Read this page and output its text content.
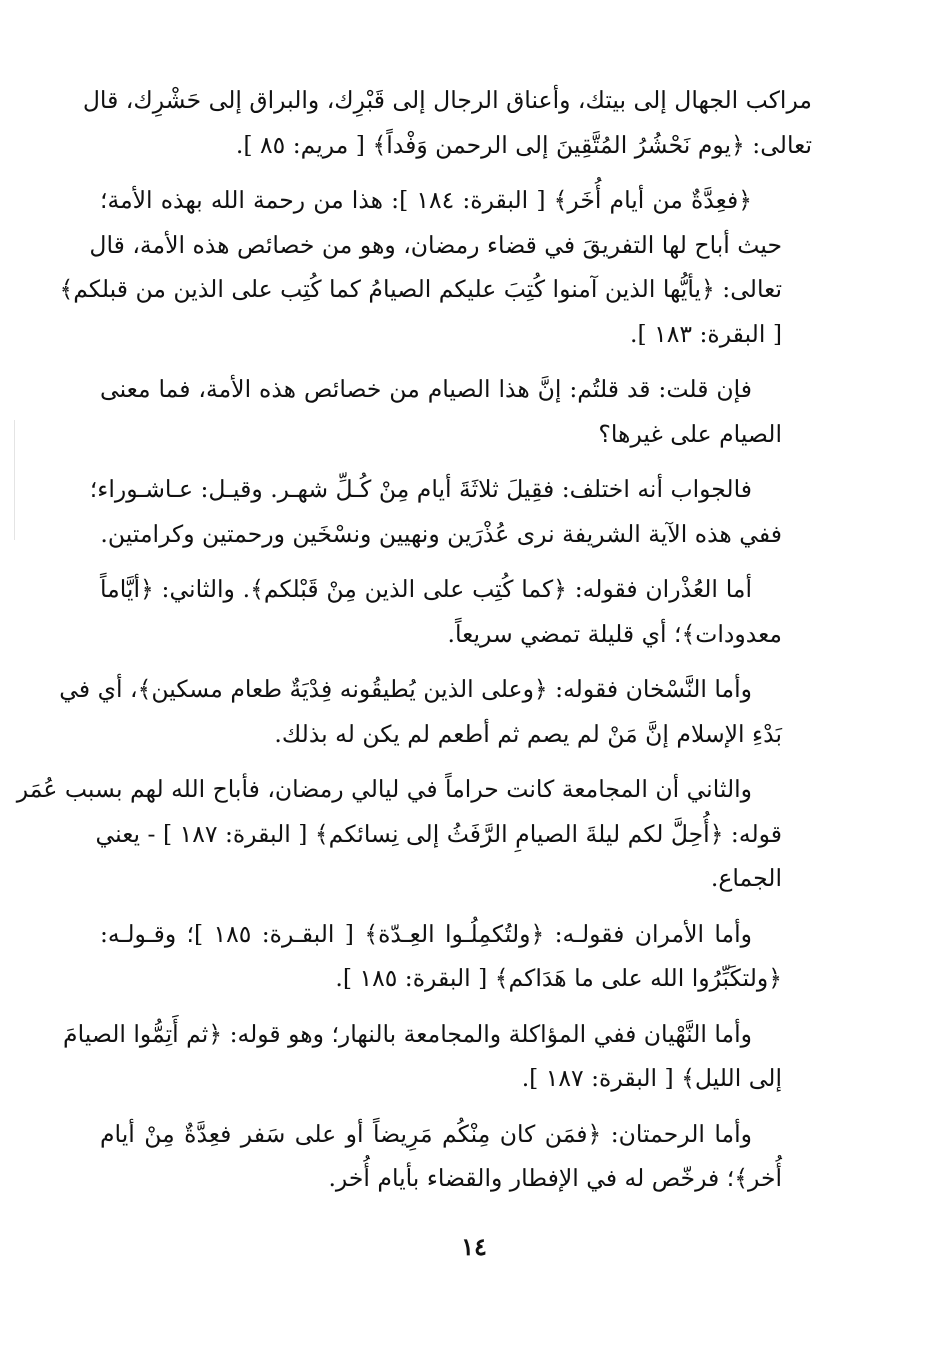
مراكب الجهال إلى بيتك، وأعناق الرجال إلى قَبْرِك، والبراق إلى حَشْرِك، قال
تعالى: ﴿يوم نَحْشُرُ المُتَّقِينَ إلى الرحمن وَفْداً﴾ [ مريم: ٨٥ ].
﴿فعِدَّةٌ من أيام أُخَر﴾ [ البقرة: ١٨٤ ]: هذا من رحمة الله بهذه الأمة؛
حيث أباح لها التفريقَ في قضاء رمضان، وهو من خصائص هذه الأمة، قال
تعالى: ﴿يأيُّها الذين آمنوا كُتِبَ عليكم الصيامُ كما كُتِب على الذين من قبلكم﴾
[ البقرة: ١٨٣ ].
فإن قلت: قد قلتُم: إنَّ هذا الصيام من خصائص هذه الأمة، فما معنى
الصيام على غيرها؟
فالجواب أنه اختلف: فقِيلَ ثلاثَةَ أيام مِنْ كُـلِّ شهـر. وقيـل: عـاشـوراء؛
ففي هذه الآية الشريفة نرى عُذْرَين ونهيين ونسْخَين ورحمتين وكرامتين.
أما العُذْران فقوله: ﴿كما كُتِب على الذين مِنْ قَبْلكم﴾. والثاني: ﴿أيَّاماً
معدودات﴾؛ أي قليلة تمضي سريعاً.
وأما النَّسْخان فقوله: ﴿وعلى الذين يُطيقُونه فِدْيَةٌ طعام مسكين﴾، أي في
بَدْءِ الإسلام إنَّ مَنْ لم يصم ثم أطعم لم يكن له بذلك.
والثاني أن المجامعة كانت حراماً في ليالي رمضان، فأباح الله لهم بسبب عُمَر
قوله: ﴿أُحِلَّ لكم ليلةَ الصيامِ الرَّفَثُ إلى نِسائكم﴾ [ البقرة: ١٨٧ ] - يعني
الجماع.
وأما الأمران فقولـه: ﴿ولتُكمِلُـوا العِـدّة﴾ [ البقـرة: ١٨٥ ]؛ وقـولـه:
﴿ولتكَبِّرُوا الله على ما هَدَاكم﴾ [ البقرة: ١٨٥ ].
وأما النَّهْيان ففي المؤاكلة والمجامعة بالنهار؛ وهو قوله: ﴿ثم أَتِمُّوا الصيامَ
إلى الليل﴾ [ البقرة: ١٨٧ ].
وأما الرحمتان: ﴿فمَن كان مِنْكُم مَرِيضاً أو على سَفر فعِدَّةٌ مِنْ أيام
أُخر﴾؛ فرخّص له في الإفطار والقضاء بأيام أُخر.
١٤
